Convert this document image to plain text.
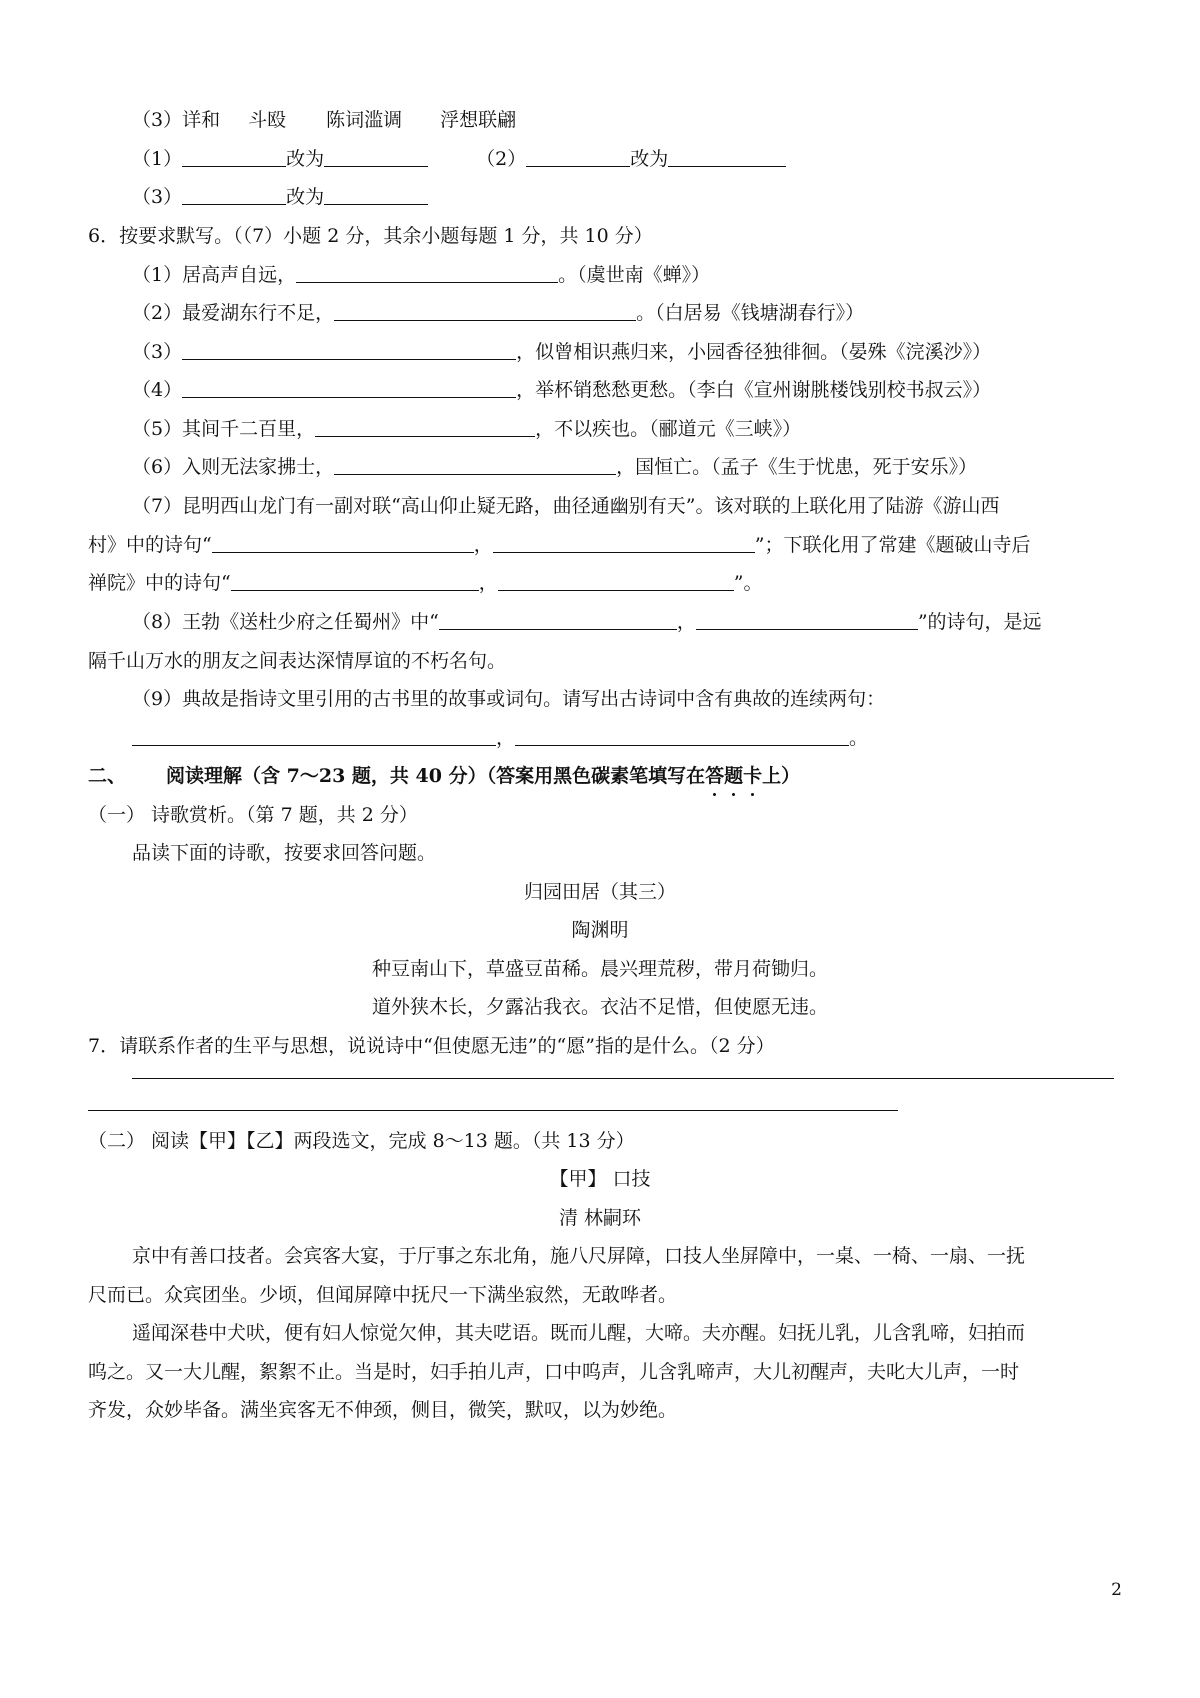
（3）详和 斗殴 陈词滥调 浮想联翩
（1）	改为	（2）	改为
（3）	改为
6．按要求默写。（（7）小题 2 分，其余小题每题 1 分，共 10 分）
（1）居高声自远，	。（虞世南《蝉》）
（2）最爱湖东行不足，	。（白居易《钱塘湖春行》）
（3）	，似曾相识燕归来，小园香径独徘徊。（晏殊《浣溪沙》）
（4）	，举杯销愁愁更愁。（李白《宣州谢朓楼饯别校书叔云》）
（5）其间千二百里，	，不以疾也。（郦道元《三峡》）
（6）入则无法家拂士，	，国恒亡。（孟子《生于忧患，死于安乐》）
（7）昆明西山龙门有一副对联“高山仰止疑无路，曲径通幽别有天”。该对联的上联化用了陆游《游山西
村》中的诗句“	，	”；下联化用了常建《题破山寺后
禅院》中的诗句“	，	”。
（8）王勃《送杜少府之任蜀州》中“	，	”的诗句，是远
隔千山万水的朋友之间表达深情厚谊的不朽名句。
（9）典故是指诗文里引用的古书里的故事或词句。请写出古诗词中含有典故的连续两句：
，	。
二、 阅读理解（含 7～23 题，共 40 分）（答案用黑色碳素笔填写在答题卡上）
（一） 诗歌赏析。（第 7 题，共 2 分）
品读下面的诗歌，按要求回答问题。
归园田居（其三）
陶渊明
种豆南山下，草盛豆苗稀。晨兴理荒秽，带月荷锄归。
道外狭木长，夕露沾我衣。衣沾不足惜，但使愿无违。
7．请联系作者的生平与思想，说说诗中“但使愿无违”的“愿”指的是什么。（2 分）
（二） 阅读【甲】【乙】两段选文，完成 8～13 题。（共 13 分）
【甲】 口技
清 林嗣环
京中有善口技者。会宾客大宴，于厅事之东北角，施八尺屏障，口技人坐屏障中，一桌、一椅、一扇、一抚
尺而已。众宾团坐。少顷，但闻屏障中抚尺一下满坐寂然，无敢哗者。
遥闻深巷中犬吠，便有妇人惊觉欠伸，其夫呓语。既而儿醒，大啼。夫亦醒。妇抚儿乳，儿含乳啼，妇拍而
呜之。又一大儿醒，絮絮不止。当是时，妇手拍儿声，口中呜声，儿含乳啼声，大儿初醒声，夫叱大儿声，一时
齐发，众妙毕备。满坐宾客无不伸颈，侧目，微笑，默叹，以为妙绝。
2
